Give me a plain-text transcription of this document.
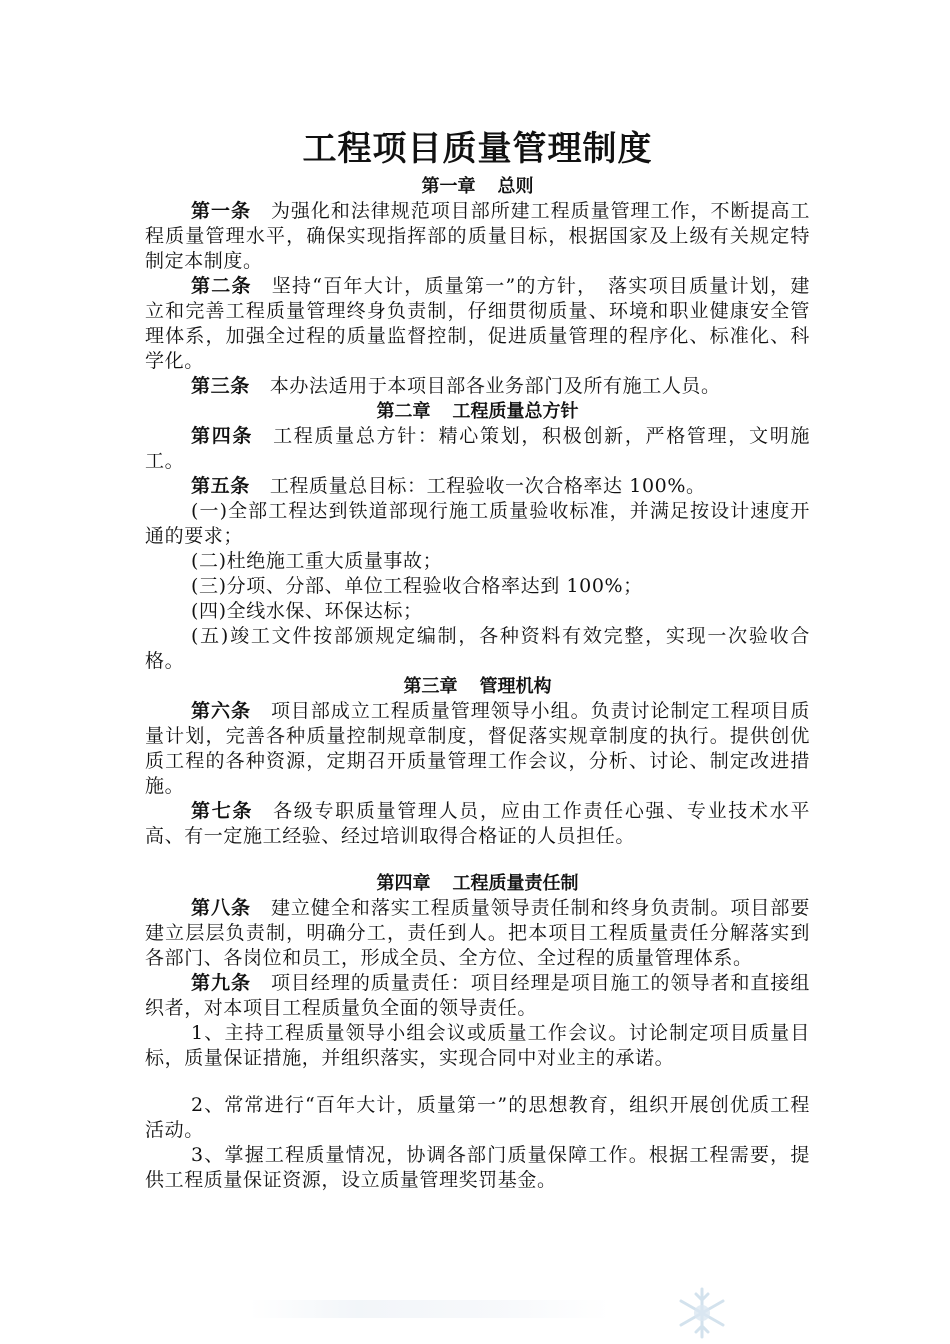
工程项目质量管理制度
第一章 总则

第一条 为强化和法律规范项目部所建工程质量管理工作，不断提高工程质量管理水平，确保实现指挥部的质量目标，根据国家及上级有关规定特制定本制度。

第二条 坚持“百年大计，质量第一”的方针，　落实项目质量计划，建立和完善工程质量管理终身负责制，仔细贯彻质量、环境和职业健康安全管理体系，加强全过程的质量监督控制，促进质量管理的程序化、标准化、科学化。

第三条 本办法适用于本项目部各业务部门及所有施工人员。

第二章 工程质量总方针

第四条 工程质量总方针：精心策划，积极创新，严格管理，文明施工。

第五条 工程质量总目标：工程验收一次合格率达 100%。

(一)全部工程达到铁道部现行施工质量验收标准，并满足按设计速度开通的要求；

(二)杜绝施工重大质量事故；

(三)分项、分部、单位工程验收合格率达到 100%；

(四)全线水保、环保达标；

(五)竣工文件按部颁规定编制，各种资料有效完整，实现一次验收合格。

第三章 管理机构

第六条 项目部成立工程质量管理领导小组。负责讨论制定工程项目质量计划，完善各种质量控制规章制度，督促落实规章制度的执行。提供创优质工程的各种资源，定期召开质量管理工作会议，分析、讨论、制定改进措施。

第七条 各级专职质量管理人员，应由工作责任心强、专业技术水平高、有一定施工经验、经过培训取得合格证的人员担任。

第四章 工程质量责任制

第八条 建立健全和落实工程质量领导责任制和终身负责制。项目部要建立层层负责制，明确分工，责任到人。把本项目工程质量责任分解落实到各部门、各岗位和员工，形成全员、全方位、全过程的质量管理体系。

第九条 项目经理的质量责任：项目经理是项目施工的领导者和直接组织者，对本项目工程质量负全面的领导责任。

1、主持工程质量领导小组会议或质量工作会议。讨论制定项目质量目标，质量保证措施，并组织落实，实现合同中对业主的承诺。

2、常常进行“百年大计，质量第一”的思想教育，组织开展创优质工程活动。

3、掌握工程质量情况，协调各部门质量保障工作。根据工程需要，提供工程质量保证资源，设立质量管理奖罚基金。
